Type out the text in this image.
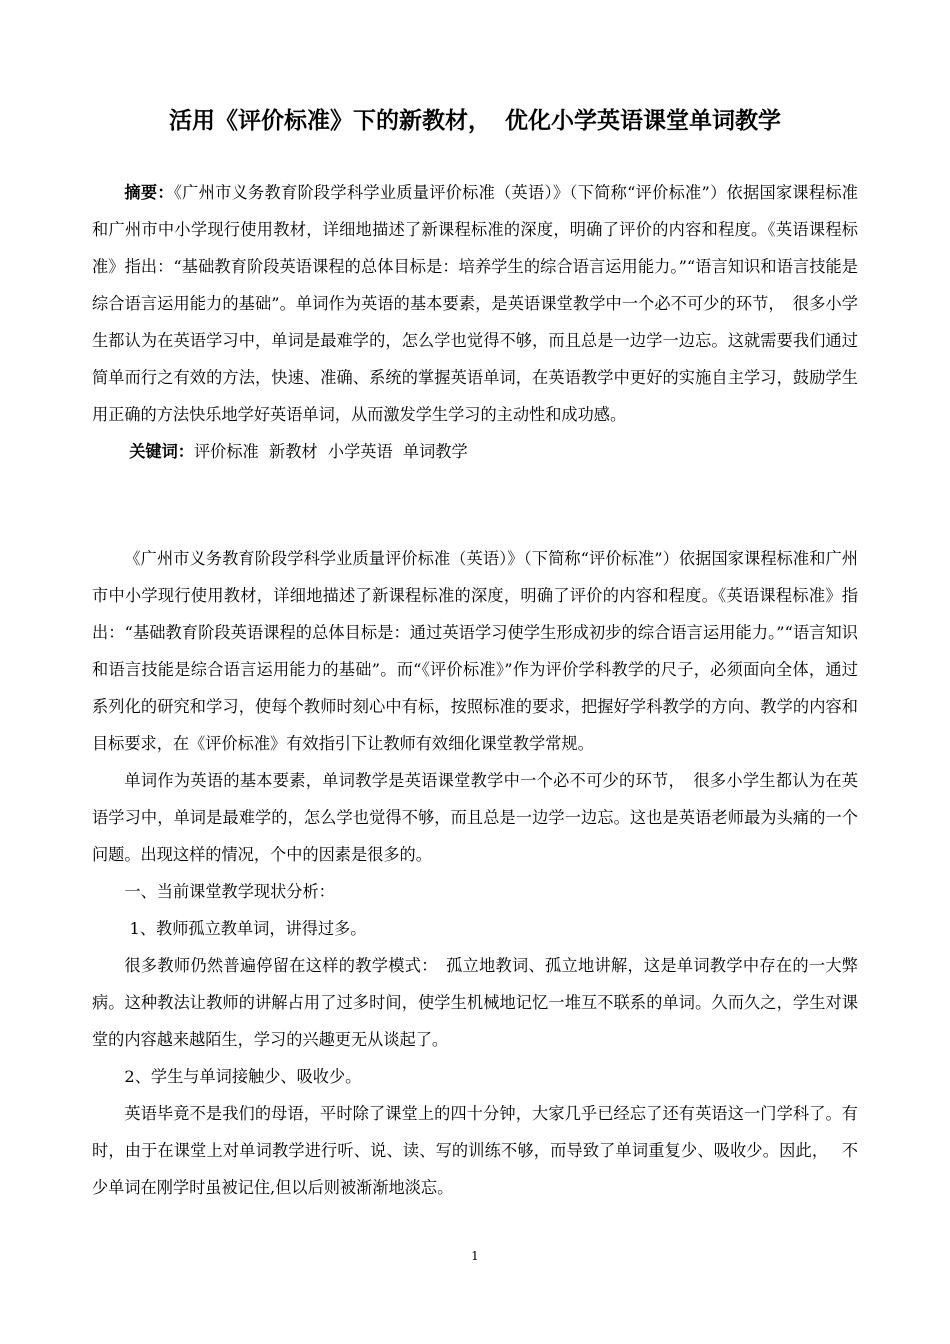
活用《评价标准》下的新教材， 优化小学英语课堂单词教学

摘要：《广州市义务教育阶段学科学业质量评价标准（英语）》（下简称“评价标准”）依据国家课程标准和广州市中小学现行使用教材，详细地描述了新课程标准的深度，明确了评价的内容和程度。《英语课程标准》指出：“基础教育阶段英语课程的总体目标是：培养学生的综合语言运用能力。”“语言知识和语言技能是综合语言运用能力的基础”。单词作为英语的基本要素，是英语课堂教学中一个必不可少的环节，　很多小学生都认为在英语学习中，单词是最难学的，怎么学也觉得不够，而且总是一边学一边忘。这就需要我们通过简单而行之有效的方法，快速、准确、系统的掌握英语单词，在英语教学中更好的实施自主学习，鼓励学生用正确的方法快乐地学好英语单词，从而激发学生学习的主动性和成功感。

关键词：评价标准  新教材  小学英语  单词教学

《广州市义务教育阶段学科学业质量评价标准（英语）》（下简称“评价标准”）依据国家课程标准和广州市中小学现行使用教材，详细地描述了新课程标准的深度，明确了评价的内容和程度。《英语课程标准》指出：“基础教育阶段英语课程的总体目标是：通过英语学习使学生形成初步的综合语言运用能力。”“语言知识和语言技能是综合语言运用能力的基础”。而“《评价标准》”作为评价学科教学的尺子，必须面向全体，通过系列化的研究和学习，使每个教师时刻心中有标，按照标准的要求，把握好学科教学的方向、教学的内容和目标要求，在《评价标准》有效指引下让教师有效细化课堂教学常规。

单词作为英语的基本要素，单词教学是英语课堂教学中一个必不可少的环节，　很多小学生都认为在英语学习中，单词是最难学的，怎么学也觉得不够，而且总是一边学一边忘。这也是英语老师最为头痛的一个问题。出现这样的情况，个中的因素是很多的。

一、当前课堂教学现状分析：

1、教师孤立教单词，讲得过多。

很多教师仍然普遍停留在这样的教学模式：　孤立地教词、孤立地讲解，这是单词教学中存在的一大弊病。这种教法让教师的讲解占用了过多时间，使学生机械地记忆一堆互不联系的单词。久而久之，学生对课堂的内容越来越陌生，学习的兴趣更无从谈起了。

2、学生与单词接触少、吸收少。

英语毕竟不是我们的母语，平时除了课堂上的四十分钟，大家几乎已经忘了还有英语这一门学科了。有时，由于在课堂上对单词教学进行听、说、读、写的训练不够，而导致了单词重复少、吸收少。因此，　 不少单词在刚学时虽被记住,但以后则被渐渐地淡忘。

1
